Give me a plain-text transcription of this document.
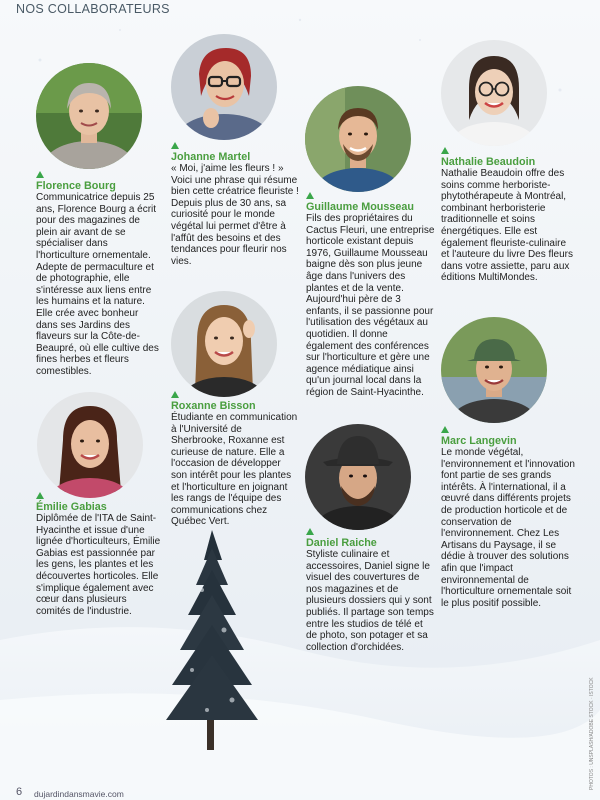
NOS COLLABORATEURS
Florence Bourg

Communicatrice depuis 25 ans, Florence Bourg a écrit pour des magazines de plein air avant de se spécialiser dans l'horticulture ornementale. Adepte de permaculture et de photographie, elle s'intéresse aux liens entre les humains et la nature. Elle crée avec bonheur dans ses Jardins des flaveurs sur la Côte-de-Beaupré, où elle cultive des fines herbes et fleurs comestibles.

Johanne Martel

« Moi, j'aime les fleurs ! » Voici une phrase qui résume bien cette créatrice fleuriste ! Depuis plus de 30 ans, sa curiosité pour le monde végétal lui permet d'être à l'affût des besoins et des tendances pour fleurir nos vies.

Guillaume Mousseau

Fils des propriétaires du Cactus Fleuri, une entreprise horticole existant depuis 1976, Guillaume Mousseau baigne dès son plus jeune âge dans l'univers des plantes et de la vente. Aujourd'hui père de 3 enfants, il se passionne pour l'utilisation des végétaux au quotidien. Il donne également des conférences sur l'horticulture et gère une agence médiatique ainsi qu'un journal local dans la région de Saint-Hyacinthe.

Nathalie Beaudoin

Nathalie Beaudoin offre des soins comme herboriste-phytothérapeute à Montréal, combinant herboristerie traditionnelle et soins énergétiques. Elle est également fleuriste-culinaire et l'auteure du livre Des fleurs dans votre assiette, paru aux éditions MultiMondes.

Roxanne Bisson

Étudiante en communication à l'Université de Sherbrooke, Roxanne est curieuse de nature. Elle a l'occasion de développer son intérêt pour les plantes et l'horticulture en joignant les rangs de l'équipe des communications chez Québec Vert.

Émilie Gabias

Diplômée de l'ITA de Saint-Hyacinthe et issue d'une lignée d'horticulteurs, Émilie Gabias est passionnée par les gens, les plantes et les découvertes horticoles. Elle s'implique également avec cœur dans plusieurs comités de l'industrie.

Marc Langevin

Le monde végétal, l'environnement et l'innovation font partie de ses grands intérêts. À l'international, il a œuvré dans différents projets de production horticole et de conservation de l'environnement. Chez Les Artisans du Paysage, il se dédie à trouver des solutions afin que l'impact environnemental de l'horticulture ornementale soit le plus positif possible.

Daniel Raiche

Styliste culinaire et accessoires, Daniel signe le visuel des couvertures de nos magazines et de plusieurs dossiers qui y sont publiés. Il partage son temps entre les studios de télé et de photo, son potager et sa collection d'orchidées.

PHOTOS : UNSPLASH/ADOBE STOCK · ISTOCK
6 dujardindansmavie.com
